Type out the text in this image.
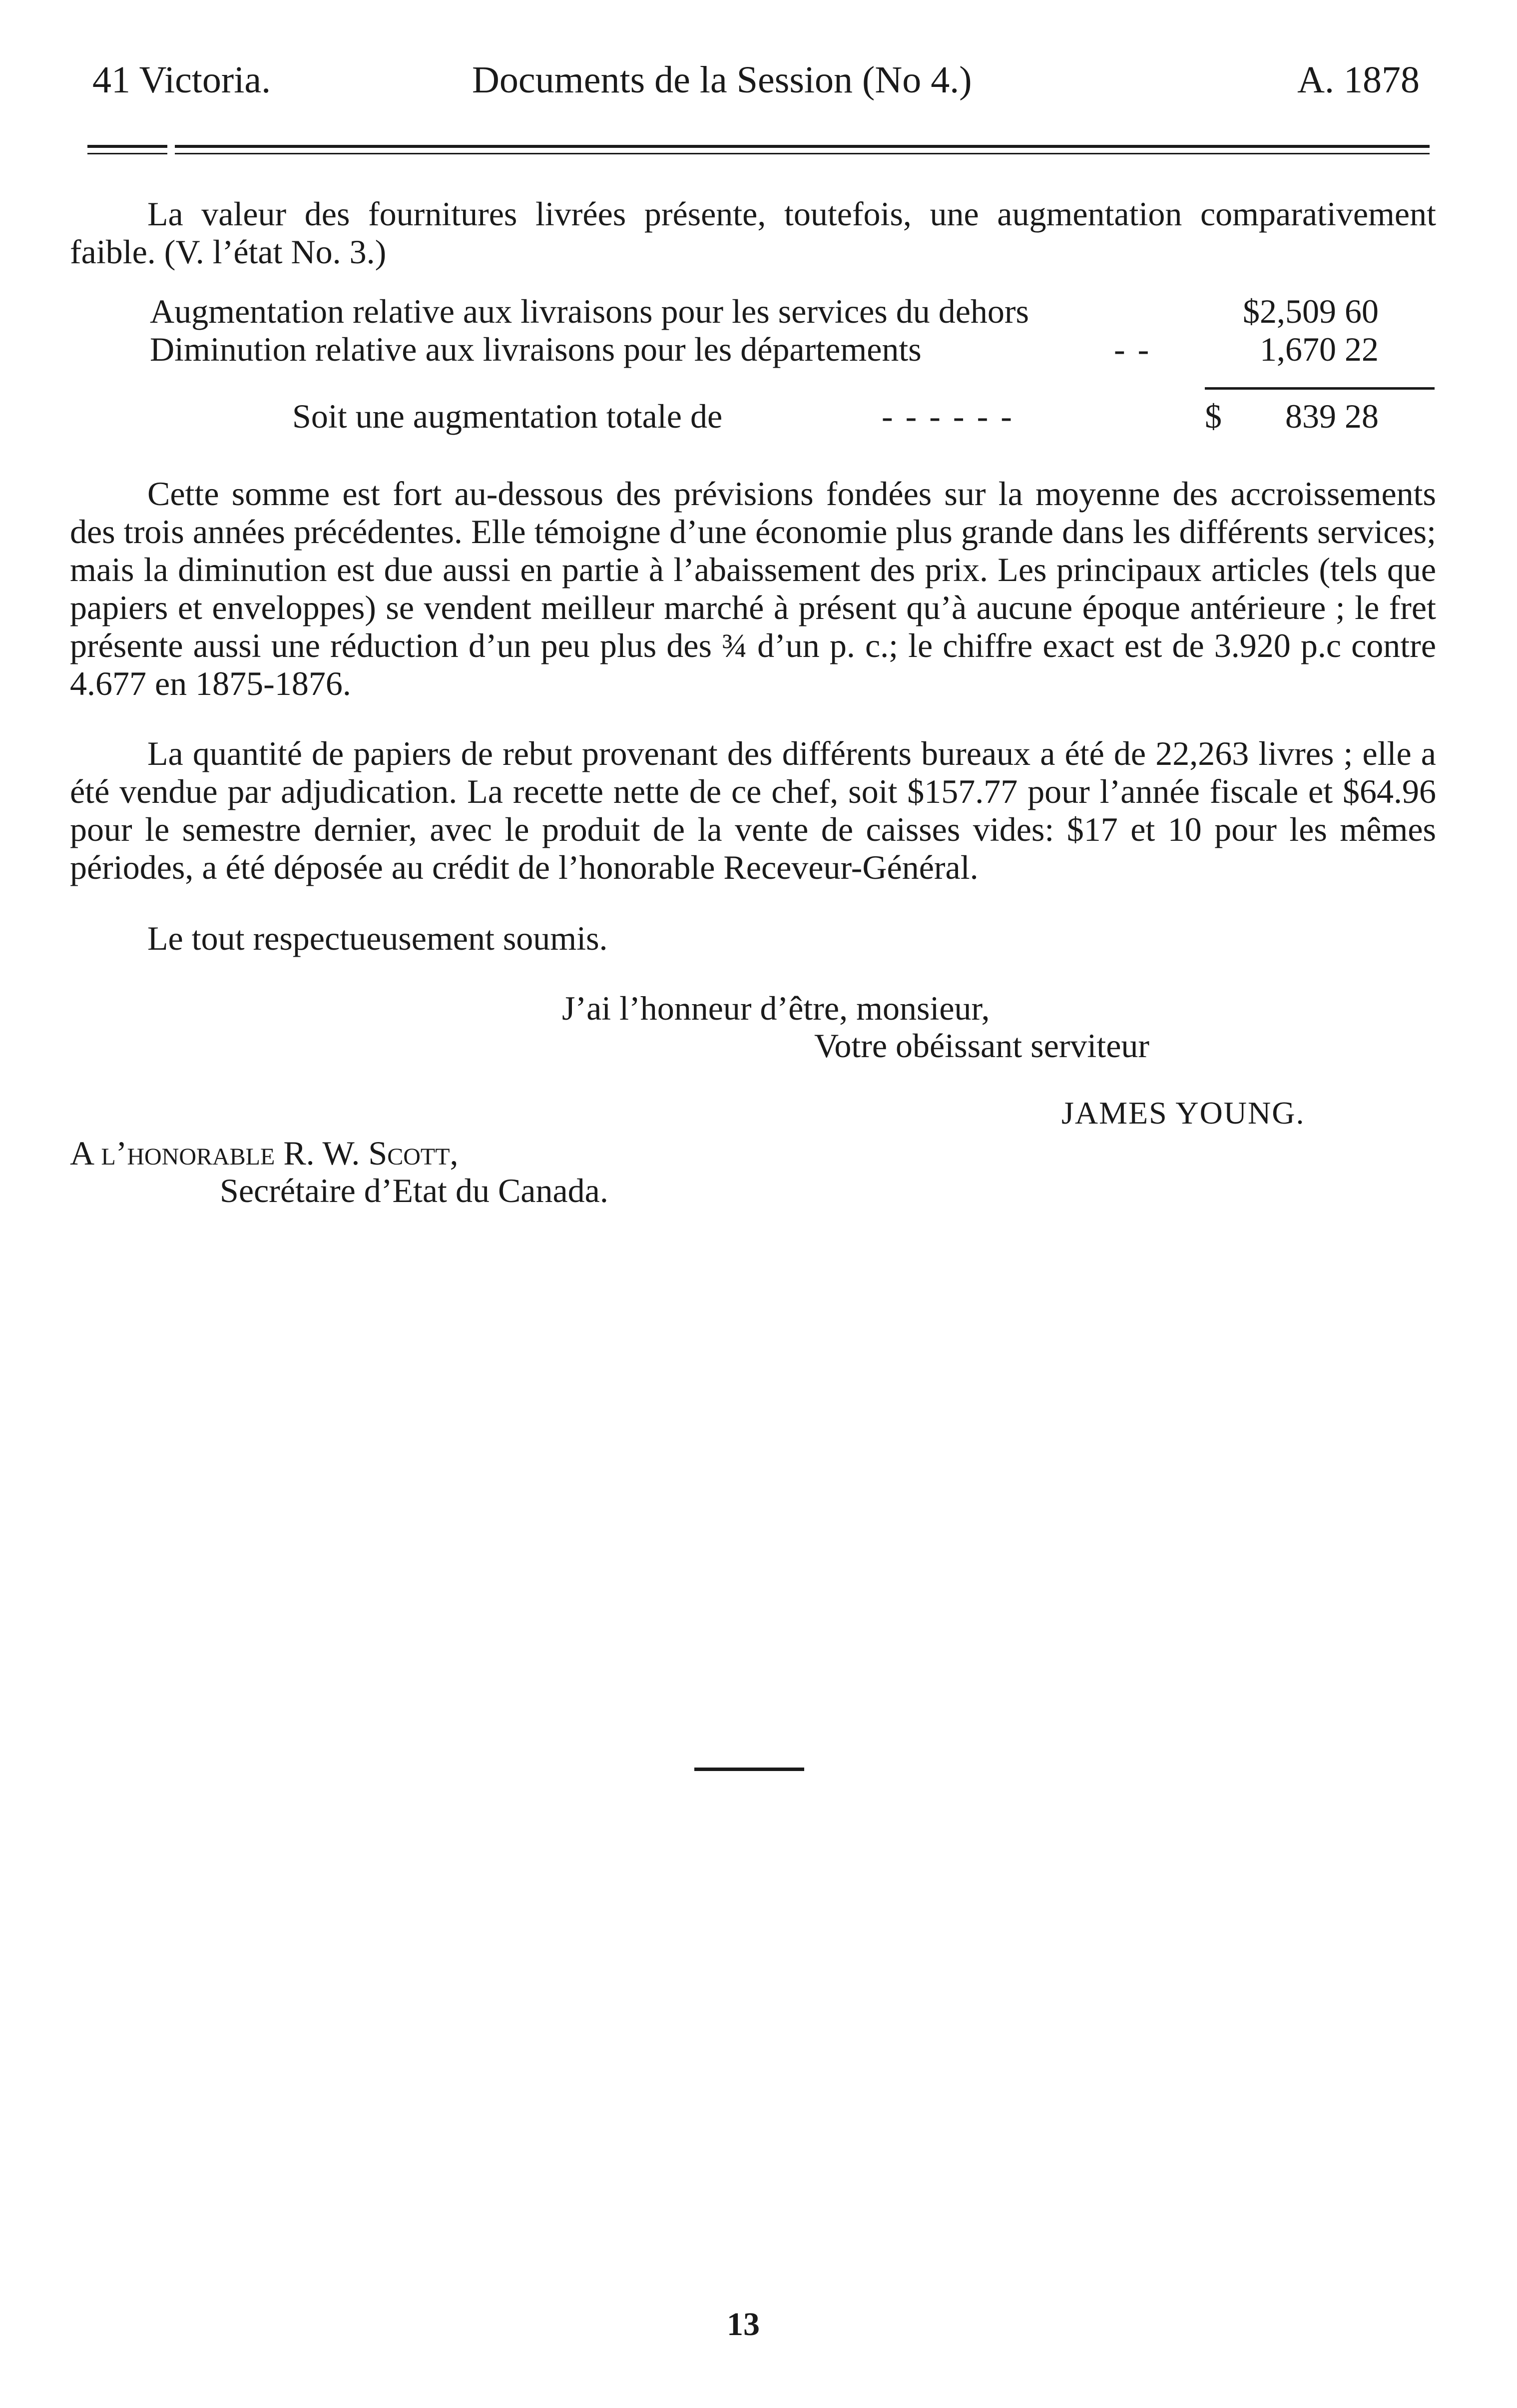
41 Victoria.	Documents de la Session (No 4.)	A. 1878

La valeur des fournitures livrées présente, toutefois, une augmentation comparativement faible. (V. l’état No. 3.)

Augmentation relative aux livraisons pour les services du dehors	$2,509 60
Diminution relative aux livraisons pour les départements	- -	1,670 22
Soit une augmentation totale de	- - - - - -	$ 839 28

Cette somme est fort au-dessous des prévisions fondées sur la moyenne des accroissements des trois années précédentes. Elle témoigne d’une économie plus grande dans les différents services; mais la diminution est due aussi en partie à l’abaissement des prix. Les principaux articles (tels que papiers et enveloppes) se vendent meilleur marché à présent qu’à aucune époque antérieure ; le fret présente aussi une réduction d’un peu plus des ¾ d’un p. c.; le chiffre exact est de 3.920 p.c contre 4.677 en 1875-1876.

La quantité de papiers de rebut provenant des différents bureaux a été de 22,263 livres ; elle a été vendue par adjudication. La recette nette de ce chef, soit $157.77 pour l’année fiscale et $64.96 pour le semestre dernier, avec le produit de la vente de caisses vides: $17 et 10 pour les mêmes périodes, a été déposée au crédit de l’honorable Receveur-Général.

Le tout respectueusement soumis.

J’ai l’honneur d’être, monsieur,
Votre obéissant serviteur
JAMES YOUNG.
A l’honorable R. W. Scott,
Secrétaire d’Etat du Canada.
13
